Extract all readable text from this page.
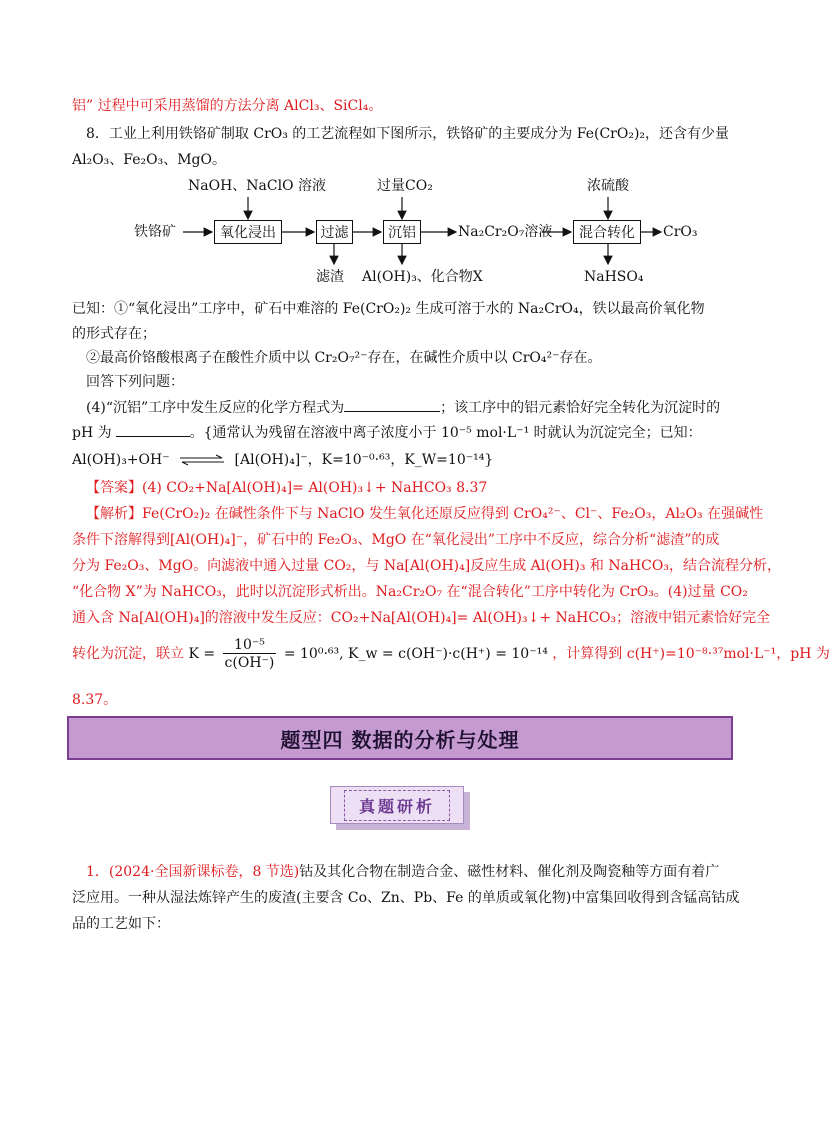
铝” 过程中可采用蒸馏的方法分离 AlCl₃、SiCl₄。
8．工业上利用铁铬矿制取 CrO₃ 的工艺流程如下图所示，铁铬矿的主要成分为 Fe(CrO₂)₂，还含有少量
Al₂O₃、Fe₂O₃、MgO。
铁铬矿	氧化浸出
NaOH、NaClO 溶液
过滤
滤渣
沉铝
过量CO₂
Al(OH)₃、化合物X
Na₂Cr₂O₇溶液 混合转化
浓硫酸
NaHSO₄
CrO₃
已知：①“氧化浸出”工序中，矿石中难溶的 Fe(CrO₂)₂ 生成可溶于水的 Na₂CrO₄，铁以最高价氧化物
的形式存在；
②最高价铬酸根离子在酸性介质中以 Cr₂O₇²⁻存在，在碱性介质中以 CrO₄²⁻存在。
回答下列问题：
(4)“沉铝”工序中发生反应的化学方程式为	；该工序中的铝元素恰好完全转化为沉淀时的
pH 为	。{通常认为残留在溶液中离子浓度小于 10⁻⁵ mol·L⁻¹ 时就认为沉淀完全；已知：
Al(OH)₃+OH⁻ ⇌ [Al(OH)₄]⁻，K=10⁻⁰·⁶³，K_W=10⁻¹⁴}
【答案】(4) CO₂+Na[Al(OH)₄]= Al(OH)₃↓+ NaHCO₃ 8.37
【解析】Fe(CrO₂)₂ 在碱性条件下与 NaClO 发生氧化还原反应得到 CrO₄²⁻、Cl⁻、Fe₂O₃，Al₂O₃ 在强碱性
条件下溶解得到[Al(OH)₄]⁻，矿石中的 Fe₂O₃、MgO 在“氧化浸出”工序中不反应，综合分析“滤渣”的成
分为 Fe₂O₃、MgO。向滤液中通入过量 CO₂，与 Na[Al(OH)₄]反应生成 Al(OH)₃ 和 NaHCO₃，结合流程分析，
“化合物 X”为 NaHCO₃，此时以沉淀形式析出。Na₂Cr₂O₇ 在“混合转化”工序中转化为 CrO₃。(4)过量 CO₂
通入含 Na[Al(OH)₄]的溶液中发生反应：CO₂+Na[Al(OH)₄]= Al(OH)₃↓+ NaHCO₃；溶液中铝元素恰好完全
转化为沉淀，联立 $K = \frac{\text{10⁻⁵}}{c(OH^-)} = 10^0\cdot^{63}$, K_w = c(OH⁻)·c(H⁺) = 10⁻¹⁴ ，计算得到 c(H⁺)=10⁻⁸·³⁷mol·L⁻¹，pH 为
8.37。
题型四 数据的分析与处理
真题研析
1．(2024·全国新课标卷，8 节选)钴及其化合物在制造合金、磁性材料、催化剂及陶瓷釉等方面有着广
泛应用。一种从湿法炼锌产生的废渣(主要含 Co、Zn、Pb、Fe 的单质或氧化物)中富集回收得到含锰高钴成
品的工艺如下：
